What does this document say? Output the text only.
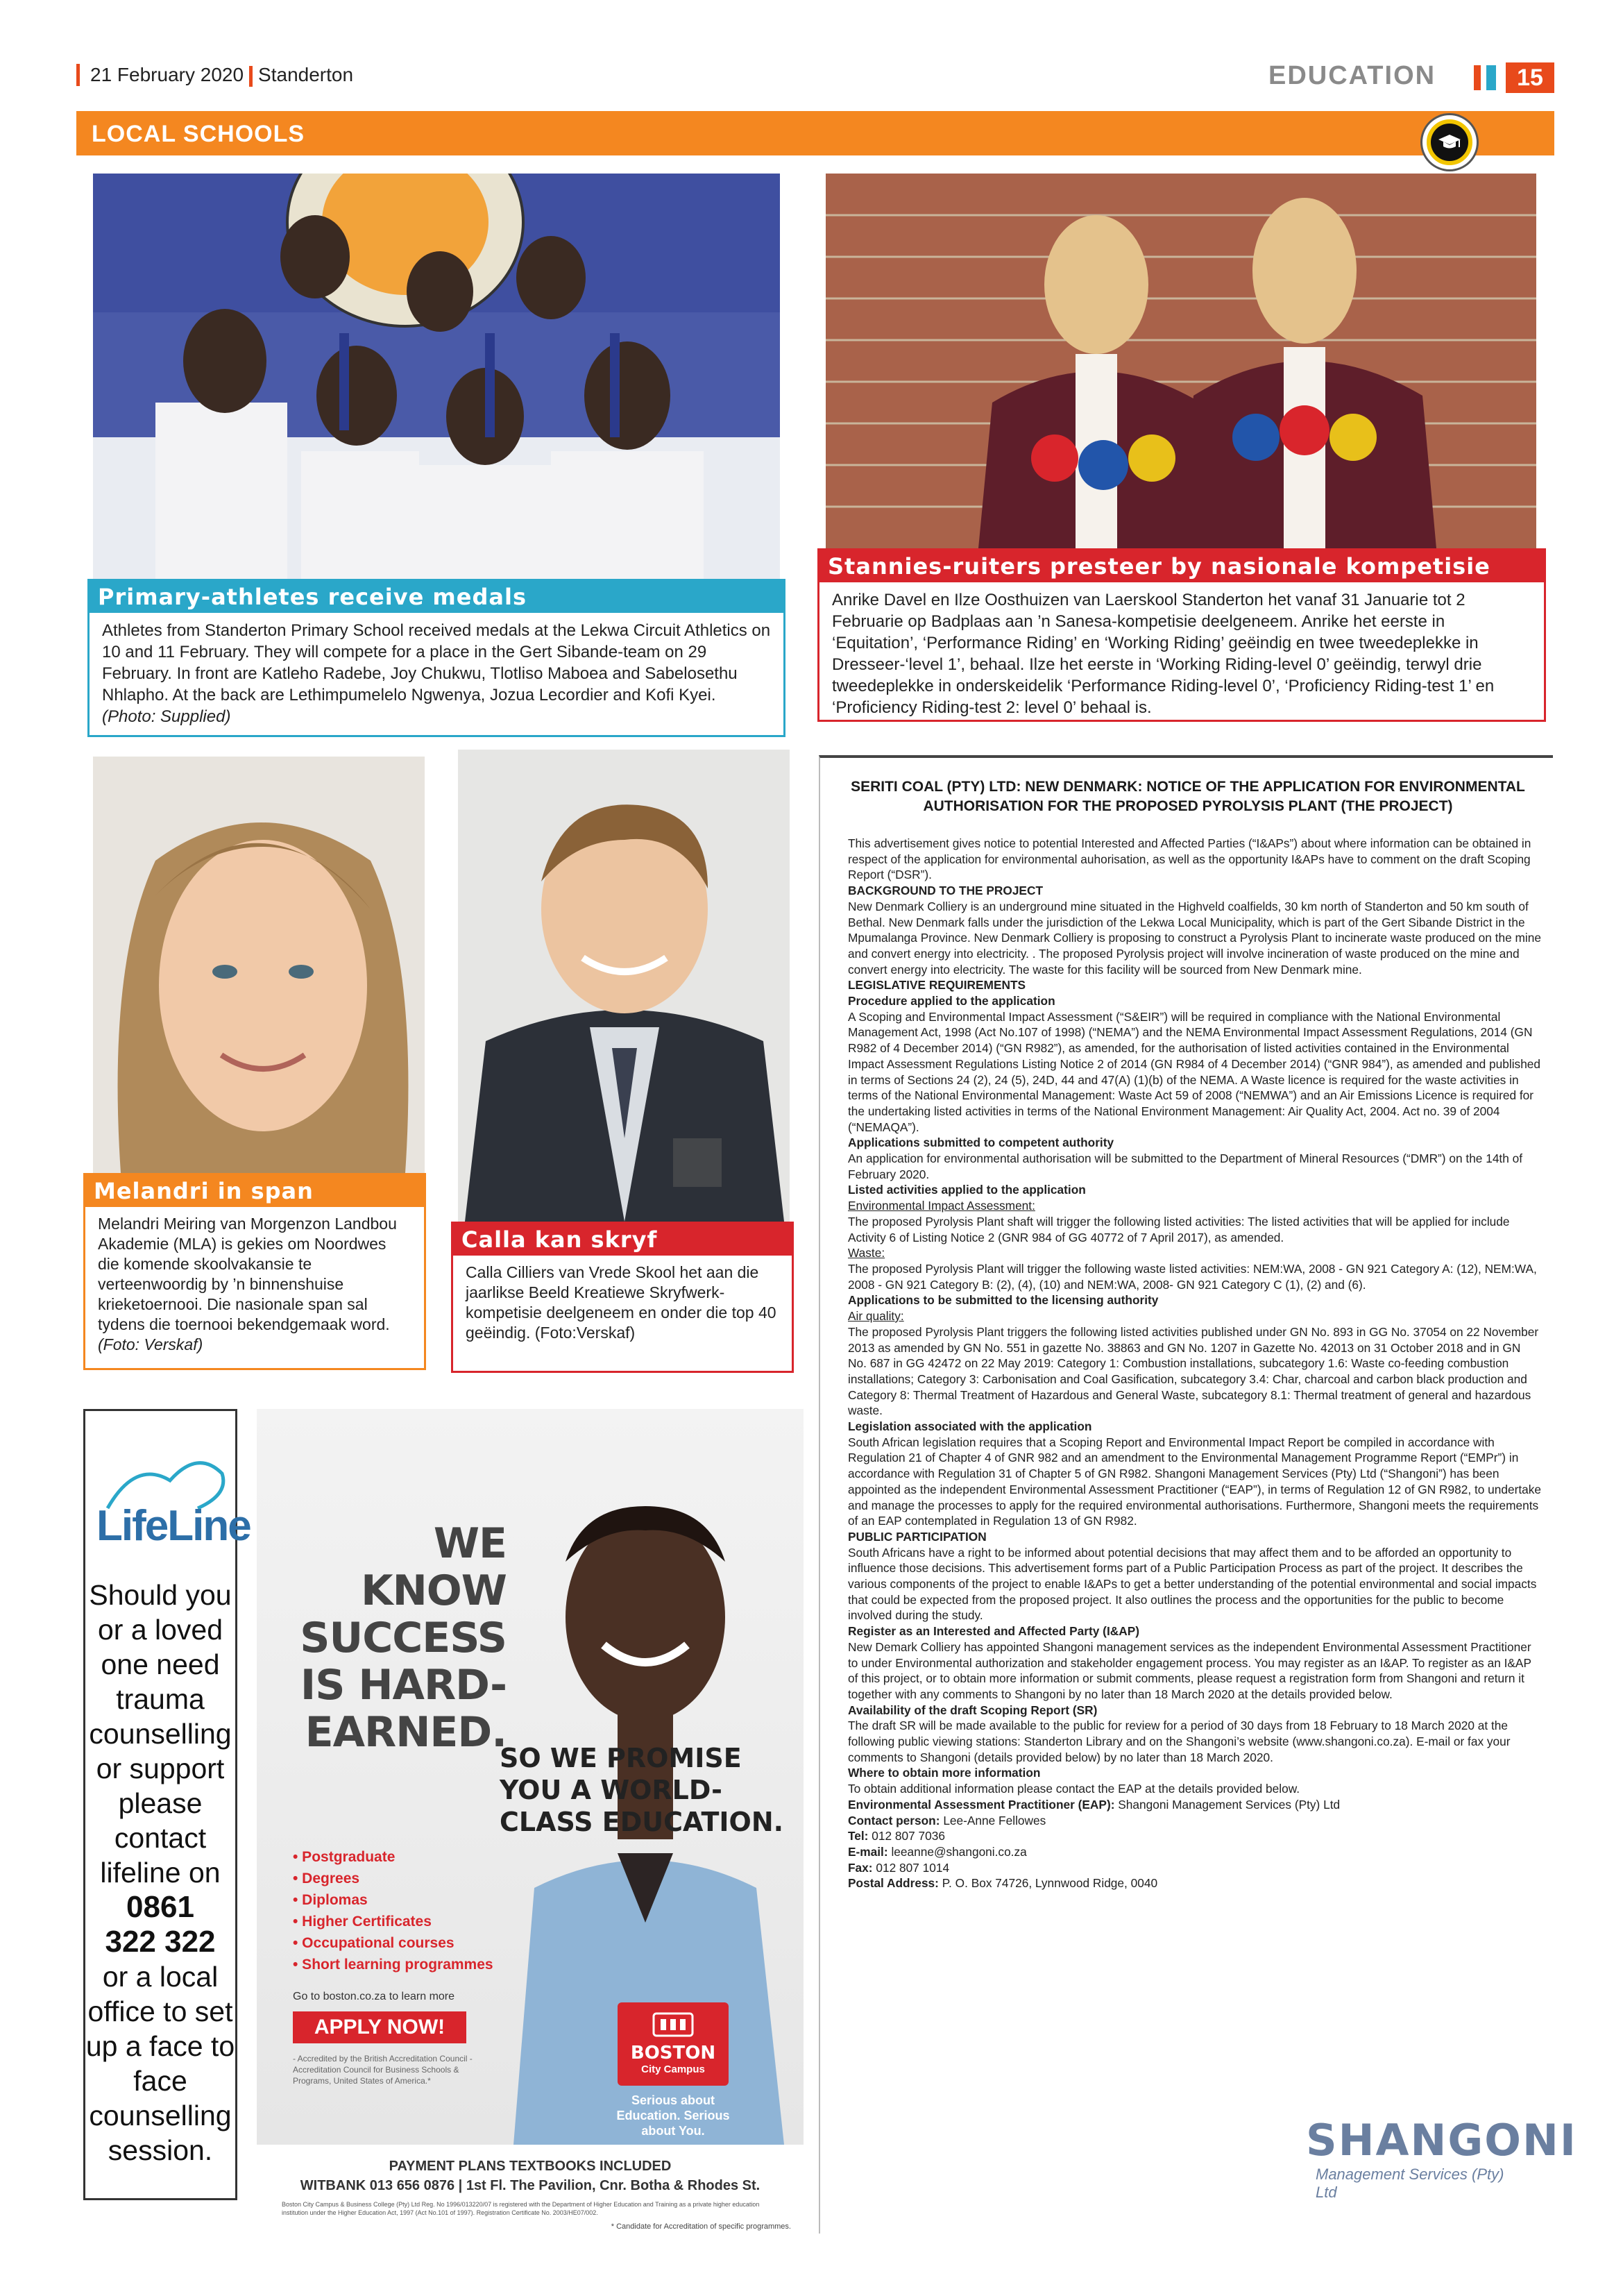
21 February 2020 Standerton	EDUCATION	15
LOCAL SCHOOLS
Primary-athletes receive medals
Athletes from Standerton Primary School received medals at the Lekwa Circuit Athletics on 10 and 11 February. They will compete for a place in the Gert Sibande-team on 29 February. In front are Katleho Radebe, Joy Chukwu, Tlotliso Maboea and Sabelosethu Nhlapho. At the back are Lethimpumelelo Ngwenya, Jozua Lecordier and Kofi Kyei. (Photo: Supplied)
Stannies-ruiters presteer by nasionale kompetisie
Anrike Davel en Ilze Oosthuizen van Laerskool Standerton het vanaf 31 Januarie tot 2 Februarie op Badplaas aan ’n Sanesa-kompetisie deelgeneem. Anrike het eerste in ‘Equitation’, ‘Performance Riding’ en ‘Working Riding’ geëindig en twee tweedeplekke in Dresseer-‘level 1’, behaal. Ilze het eerste in ‘Working Riding-level 0’ geëindig, terwyl drie tweedeplekke in onderskeidelik ‘Performance Riding-level 0’, ‘Proficiency Riding-test 1’ en ‘Proficiency Riding-test 2: level 0’ behaal is.
Melandri in span
Melandri Meiring van Morgenzon Landbou Akademie (MLA) is gekies om Noordwes die komende skoolvakansie te verteenwoordig by ’n binnenshuise krieketoernooi. Die nasionale span sal tydens die toernooi bekendgemaak word. (Foto: Verskaf)
Calla kan skryf
Calla Cilliers van Vrede Skool het aan die jaarlikse Beeld Kreatiewe Skryfwerk-kompetisie deelgeneem en onder die top 40 geëindig. (Foto:Verskaf)
SERITI COAL (PTY) LTD: NEW DENMARK: NOTICE OF THE APPLICATION FOR ENVIRONMENTAL AUTHORISATION FOR THE PROPOSED PYROLYSIS PLANT (THE PROJECT)

This advertisement gives notice to potential Interested and Affected Parties (“I&APs”) about where information can be obtained in respect of the application for environmental auhorisation, as well as the opportunity I&APs have to comment on the draft Scoping Report (“DSR”).

BACKGROUND TO THE PROJECT

New Denmark Colliery is an underground mine situated in the Highveld coalfields, 30 km north of Standerton and 50 km south of Bethal. New Denmark falls under the jurisdiction of the Lekwa Local Municipality, which is part of the Gert Sibande District in the Mpumalanga Province. New Denmark Colliery is proposing to construct a Pyrolysis Plant to incinerate waste produced on the mine and convert energy into electricity. . The proposed Pyrolysis project will involve incineration of waste produced on the mine and convert energy into electricity. The waste for this facility will be sourced from New Denmark mine.

LEGISLATIVE REQUIREMENTS
Procedure applied to the application

A Scoping and Environmental Impact Assessment (“S&EIR”) will be required in compliance with the National Environmental Management Act, 1998 (Act No.107 of 1998) (“NEMA”) and the NEMA Environmental Impact Assessment Regulations, 2014 (GN R982 of 4 December 2014) (“GN R982”), as amended, for the authorisation of listed activities contained in the Environmental Impact Assessment Regulations Listing Notice 2 of 2014 (GN R984 of 4 December 2014) (“GNR 984”), as amended and published in terms of Sections 24 (2), 24 (5), 24D, 44 and 47(A) (1)(b) of the NEMA. A Waste licence is required for the waste activities in terms of the National Environmental Management: Waste Act 59 of 2008 (“NEMWA”) and an Air Emissions Licence is required for the undertaking listed activities in terms of the National Environment Management: Air Quality Act, 2004. Act no. 39 of 2004 (“NEMAQA”).

Applications submitted to competent authority

An application for environmental authorisation will be submitted to the Department of Mineral Resources (“DMR”) on the 14th of February 2020.

Listed activities applied to the application
Environmental Impact Assessment:

The proposed Pyrolysis Plant shaft will trigger the following listed activities: The listed activities that will be applied for include Activity 6 of Listing Notice 2 (GNR 984 of GG 40772 of 7 April 2017), as amended.

Waste:

The proposed Pyrolysis Plant will trigger the following waste listed activities: NEM:WA, 2008 - GN 921 Category A: (12), NEM:WA, 2008 - GN 921 Category B: (2), (4), (10) and NEM:WA, 2008- GN 921 Category C (1), (2) and (6).

Applications to be submitted to the licensing authority
Air quality:

The proposed Pyrolysis Plant triggers the following listed activities published under GN No. 893 in GG No. 37054 on 22 November 2013 as amended by GN No. 551 in gazette No. 38863 and GN No. 1207 in Gazette No. 42013 on 31 October 2018 and in GN No. 687 in GG 42472 on 22 May 2019: Category 1: Combustion installations, subcategory 1.6: Waste co-feeding combustion installations; Category 3: Carbonisation and Coal Gasification, subcategory 3.4: Char, charcoal and carbon black production and Category 8: Thermal Treatment of Hazardous and General Waste, subcategory 8.1: Thermal treatment of general and hazardous waste.

Legislation associated with the application

South African legislation requires that a Scoping Report and Environmental Impact Report be compiled in accordance with Regulation 21 of Chapter 4 of GNR 982 and an amendment to the Environmental Management Programme Report (“EMPr”) in accordance with Regulation 31 of Chapter 5 of GN R982. Shangoni Management Services (Pty) Ltd (“Shangoni”) has been appointed as the independent Environmental Assessment Practitioner (“EAP”), in terms of Regulation 12 of GN R982, to undertake and manage the processes to apply for the required environmental authorisations. Furthermore, Shangoni meets the requirements of an EAP contemplated in Regulation 13 of GN R982.

PUBLIC PARTICIPATION

South Africans have a right to be informed about potential decisions that may affect them and to be afforded an opportunity to influence those decisions. This advertisement forms part of a Public Participation Process as part of the project. It describes the various components of the project to enable I&APs to get a better understanding of the potential environmental and social impacts that could be expected from the proposed project. It also outlines the process and the opportunities for the public to become involved during the study.

Register as an Interested and Affected Party (I&AP)

New Demark Colliery has appointed Shangoni management services as the independent Environmental Assessment Practitioner to under Environmental authorization and stakeholder engagement process. You may register as an I&AP. To register as an I&AP of this project, or to obtain more information or submit comments, please request a registration form from Shangoni and return it together with any comments to Shangoni by no later than 18 March 2020 at the details provided below.

Availability of the draft Scoping Report (SR)

The draft SR will be made available to the public for review for a period of 30 days from 18 February to 18 March 2020 at the following public viewing stations: Standerton Library and on the Shangoni’s website (www.shangoni.co.za). E-mail or fax your comments to Shangoni (details provided below) by no later than 18 March 2020.

Where to obtain more information

To obtain additional information please contact the EAP at the details provided below.

Environmental Assessment Practitioner (EAP): Shangoni Management Services (Pty) Ltd

Contact person: Lee-Anne Fellowes

Tel: 012 807 7036

E-mail: leeanne@shangoni.co.za

Fax: 012 807 1014

Postal Address: P. O. Box 74726, Lynnwood Ridge, 0040

SHANGONI
Management Services (Pty) Ltd
LifeLine
Should you or a loved one need trauma counselling or support please contact lifeline on
0861
322 322
or a local office to set up a face to face counselling session.
WE
KNOW
SUCCESS
IS HARD-
EARNED.
SO WE PROMISE YOU A WORLD-CLASS EDUCATION.
• Postgraduate
• Degrees
• Diplomas
• Higher Certificates
• Occupational courses
• Short learning programmes
Go to boston.co.za to learn more
APPLY NOW!
- Accredited by the British Accreditation Council - Accreditation Council for Business Schools & Programs, United States of America.*
BOSTON
City Campus
Serious about Education. Serious about You.
PAYMENT PLANS TEXTBOOKS INCLUDED
WITBANK 013 656 0876 | 1st Fl. The Pavilion, Cnr. Botha & Rhodes St.
Boston City Campus & Business College (Pty) Ltd Reg. No 1996/013220/07 is registered with the Department of Higher Education and Training as a private higher education institution under the Higher Education Act, 1997 (Act No.101 of 1997). Registration Certificate No. 2003/HE07/002.
* Candidate for Accreditation of specific programmes.
